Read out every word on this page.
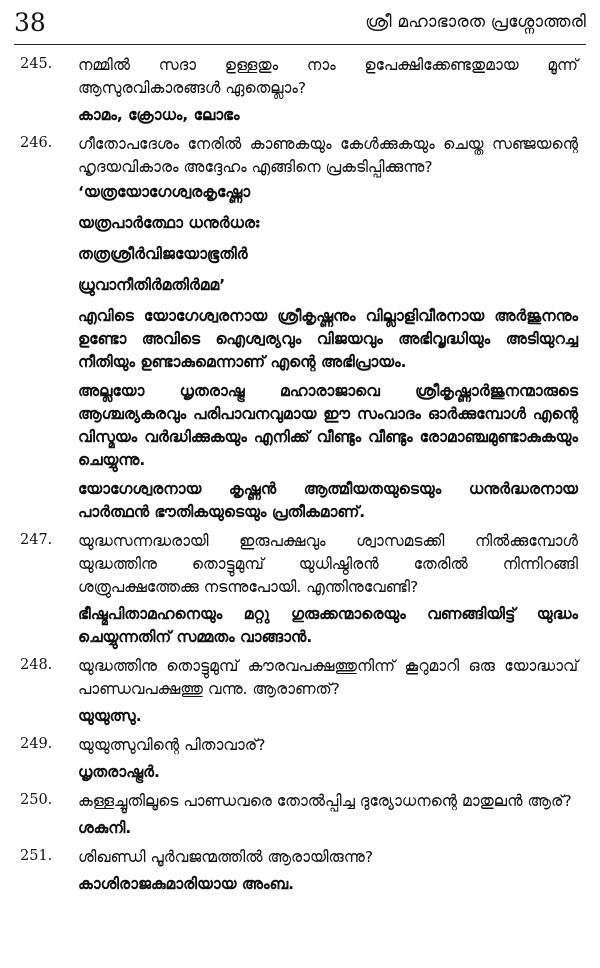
38	ശ്രീ മഹാഭാരത പ്രശ്നോത്തരി
245.	നമ്മിൽ സദാ ഉള്ളതും നാം ഉപേക്ഷിക്കേണ്ടതുമായ മൂന്ന് ആസുരവികാരങ്ങൾ ഏതെല്ലാം?
കാമം, ക്രോധം, ലോഭം
246.	ഗീതോപദേശം നേരിൽ കാണുകയും കേൾക്കുകയും ചെയ്ത സഞ്ജയന്റെ ഹൃദയവികാരം അദ്ദേഹം എങ്ങിനെ പ്രകടിപ്പിക്കുന്നു?
‘യത്രയോഗേശ്വരകൃഷ്ണോ
യത്രപാർത്ഥോ ധനുർധരഃ
തത്രശ്രീർവിജയോഭൂതിർ
ധ്രുവാനീതിർമതിർമമ’
എവിടെ യോഗേശ്വരനായ ശ്രീകൃഷ്ണനും വില്ലാളിവീരനായ അർജുനനും ഉണ്ടോ അവിടെ ഐശ്വര്യവും വിജയവും അഭിവൃദ്ധിയും അടിയുറച്ച നീതിയും ഉണ്ടാകുമെന്നാണ് എന്റെ അഭിപ്രായം.
അല്ലയോ ധൃതരാഷ്ട്ര മഹാരാജാവെ ശ്രീകൃഷ്ണാർജുനന്മാരുടെ ആശ്ചര്യകരവും പരിപാവനവുമായ ഈ സംവാദം ഓർക്കുമ്പോൾ എന്റെ വിസ്മയം വർദ്ധിക്കുകയും എനിക്ക് വീണ്ടും വീണ്ടും രോമാഞ്ചമുണ്ടാകുകയും ചെയ്യുന്നു.
യോഗേശ്വരനായ കൃഷ്ണൻ ആത്മീയതയുടെയും ധനുർദ്ധരനായ പാർത്ഥൻ ഭൗതികയുടെയും പ്രതീകമാണ്.
247.	യുദ്ധസന്നദ്ധരായി ഇരുപക്ഷവും ശ്വാസമടക്കി നിൽക്കുമ്പോൾ യുദ്ധത്തിനു തൊട്ടുമുമ്പ് യുധിഷ്ഠിരൻ തേരിൽ നിന്നിറങ്ങി ശത്രുപക്ഷത്തേക്കു നടന്നുപോയി. എന്തിനുവേണ്ടി?
ഭീഷ്മപിതാമഹനെയും മറ്റു ഗുരുക്കന്മാരെയും വണങ്ങിയിട്ട് യുദ്ധം ചെയ്യുന്നതിന് സമ്മതം വാങ്ങാൻ.
248.	യുദ്ധത്തിനു തൊട്ടുമുമ്പ് കൗരവപക്ഷത്തുനിന്ന് കൂറുമാറി ഒരു യോദ്ധാവ് പാണ്ഡവപക്ഷത്തു വന്നു. ആരാണത്?
യുയുത്സു.
249.	യുയുത്സുവിന്റെ പിതാവാര്?
ധൃതരാഷ്ട്രർ.
250.	കള്ളച്ചൂതിലൂടെ പാണ്ഡവരെ തോൽപ്പിച്ച ദുര്യോധനന്റെ മാതുലൻ ആര്?
ശകുനി.
251.	ശിഖണ്ഡി പൂർവജന്മത്തിൽ ആരായിരുന്നു?
കാശിരാജകുമാരിയായ അംബ.
